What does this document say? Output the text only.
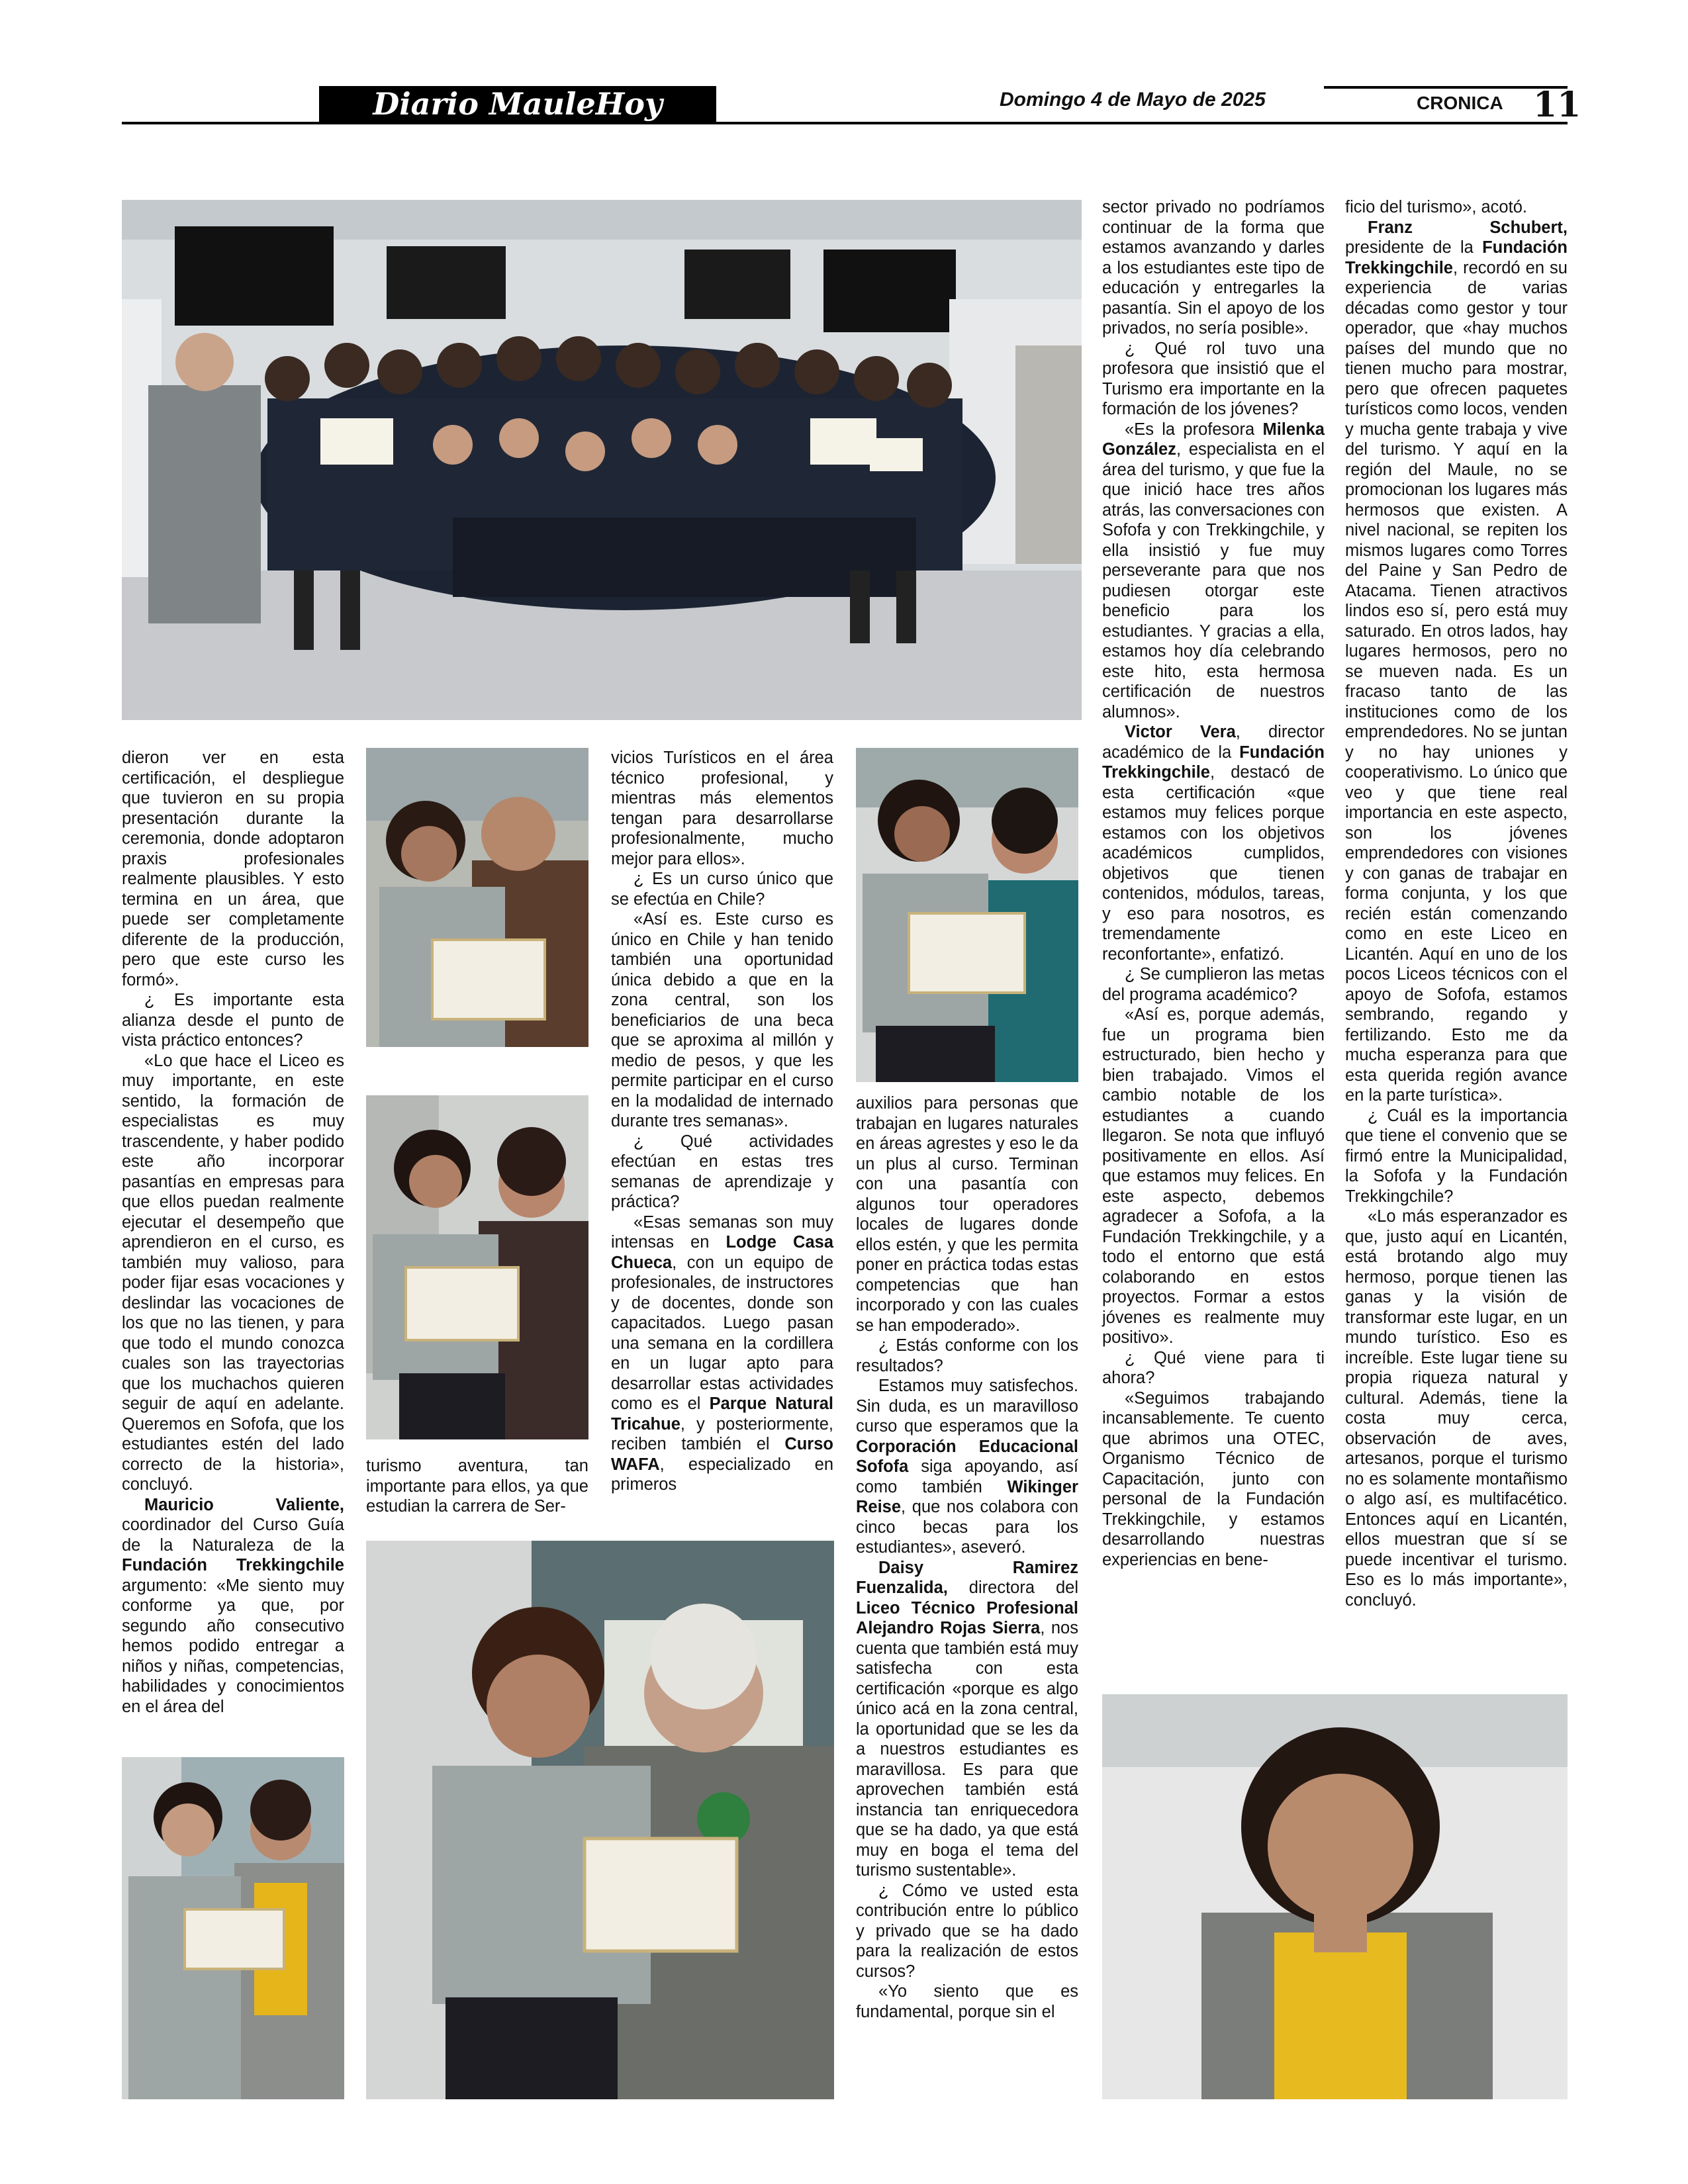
Diario MauleHoy	Domingo 4 de Mayo de 2025	CRONICA 11

dieron ver en esta certificación, el despliegue que tuvieron en su propia presentación durante la ceremonia, donde adoptaron praxis profesionales realmente plausibles. Y esto termina en un área, que puede ser completamente diferente de la producción, pero que este curso les formó».

¿ Es importante esta alianza desde el punto de vista práctico entonces?

«Lo que hace el Liceo es muy importante, en este sentido, la formación de especialistas es muy trascendente, y haber podido este año incorporar pasantías en empresas para que ellos puedan realmente ejecutar el desempeño que aprendieron en el curso, es también muy valioso, para poder fijar esas vocaciones y deslindar las vocaciones de los que no las tienen, y para que todo el mundo conozca cuales son las trayectorias que los muchachos quieren seguir de aquí en adelante. Queremos en Sofofa, que los estudiantes estén del lado correcto de la historia», concluyó.

Mauricio Valiente, coordinador del Curso Guía de la Naturaleza de la Fundación Trekkingchile argumento: «Me siento muy conforme ya que, por segundo año consecutivo hemos podido entregar a niños y niñas, competencias, habilidades y conocimientos en el área del

turismo aventura, tan importante para ellos, ya que estudian la carrera de Ser-

vicios Turísticos en el área técnico profesional, y mientras más elementos tengan para desarrollarse profesionalmente, mucho mejor para ellos».

¿ Es un curso único que se efectúa en Chile?

«Así es. Este curso es único en Chile y han tenido también una oportunidad única debido a que en la zona central, son los beneficiarios de una beca que se aproxima al millón y medio de pesos, y que les permite participar en el curso en la modalidad de internado durante tres semanas».

¿ Qué actividades efectúan en estas tres semanas de aprendizaje y práctica?

«Esas semanas son muy intensas en Lodge Casa Chueca, con un equipo de profesionales, de instructores y de docentes, donde son capacitados. Luego pasan una semana en la cordillera en un lugar apto para desarrollar estas actividades como es el Parque Natural Tricahue, y posteriormente, reciben también el Curso WAFA, especializado en primeros

auxilios para personas que trabajan en lugares naturales en áreas agrestes y eso le da un plus al curso. Terminan con una pasantía con algunos tour operadores locales de lugares donde ellos estén, y que les permita poner en práctica todas estas competencias que han incorporado y con las cuales se han empoderado».

¿ Estás conforme con los resultados?

Estamos muy satisfechos. Sin duda, es un maravilloso curso que esperamos que la Corporación Educacional Sofofa siga apoyando, así como también Wikinger Reise, que nos colabora con cinco becas para los estudiantes», aseveró.

Daisy Ramirez Fuenzalida, directora del Liceo Técnico Profesional Alejandro Rojas Sierra, nos cuenta que también está muy satisfecha con esta certificación «porque es algo único acá en la zona central, la oportunidad que se les da a nuestros estudiantes es maravillosa. Es para que aprovechen también está instancia tan enriquecedora que se ha dado, ya que está muy en boga el tema del turismo sustentable».

¿ Cómo ve usted esta contribución entre lo público y privado que se ha dado para la realización de estos cursos?

«Yo siento que es fundamental, porque sin el

sector privado no podríamos continuar de la forma que estamos avanzando y darles a los estudiantes este tipo de educación y entregarles la pasantía. Sin el apoyo de los privados, no sería posible».

¿ Qué rol tuvo una profesora que insistió que el Turismo era importante en la formación de los jóvenes?

«Es la profesora Milenka González, especialista en el área del turismo, y que fue la que inició hace tres años atrás, las conversaciones con Sofofa y con Trekkingchile, y ella insistió y fue muy perseverante para que nos pudiesen otorgar este beneficio para los estudiantes. Y gracias a ella, estamos hoy día celebrando este hito, esta hermosa certificación de nuestros alumnos».

Victor Vera, director académico de la Fundación Trekkingchile, destacó de esta certificación «que estamos muy felices porque estamos con los objetivos académicos cumplidos, objetivos que tienen contenidos, módulos, tareas, y eso para nosotros, es tremendamente reconfortante», enfatizó.

¿ Se cumplieron las metas del programa académico?

«Así es, porque además, fue un programa bien estructurado, bien hecho y bien trabajado. Vimos el cambio notable de los estudiantes a cuando llegaron. Se nota que influyó positivamente en ellos. Así que estamos muy felices. En este aspecto, debemos agradecer a Sofofa, a la Fundación Trekkingchile, y a todo el entorno que está colaborando en estos proyectos. Formar a estos jóvenes es realmente muy positivo».

¿ Qué viene para ti ahora?

«Seguimos trabajando incansablemente. Te cuento que abrimos una OTEC, Organismo Técnico de Capacitación, junto con personal de la Fundación Trekkingchile, y estamos desarrollando nuestras experiencias en bene-

ficio del turismo», acotó.

Franz Schubert, presidente de la Fundación Trekkingchile, recordó en su experiencia de varias décadas como gestor y tour operador, que «hay muchos países del mundo que no tienen mucho para mostrar, pero que ofrecen paquetes turísticos como locos, venden y mucha gente trabaja y vive del turismo. Y aquí en la región del Maule, no se promocionan los lugares más hermosos que existen. A nivel nacional, se repiten los mismos lugares como Torres del Paine y San Pedro de Atacama. Tienen atractivos lindos eso sí, pero está muy saturado. En otros lados, hay lugares hermosos, pero no se mueven nada. Es un fracaso tanto de las instituciones como de los emprendedores. No se juntan y no hay uniones y cooperativismo. Lo único que veo y que tiene real importancia en este aspecto, son los jóvenes emprendedores con visiones y con ganas de trabajar en forma conjunta, y los que recién están comenzando como en este Liceo en Licantén. Aquí en uno de los pocos Liceos técnicos con el apoyo de Sofofa, estamos sembrando, regando y fertilizando. Esto me da mucha esperanza para que esta querida región avance en la parte turística».

¿ Cuál es la importancia que tiene el convenio que se firmó entre la Municipalidad, la Sofofa y la Fundación Trekkingchile?

«Lo más esperanzador es que, justo aquí en Licantén, está brotando algo muy hermoso, porque tienen las ganas y la visión de transformar este lugar, en un mundo turístico. Eso es increíble. Este lugar tiene su propia riqueza natural y cultural. Además, tiene la costa muy cerca, observación de aves, artesanos, porque el turismo no es solamente montañismo o algo así, es multifacético. Entonces aquí en Licantén, ellos muestran que sí se puede incentivar el turismo. Eso es lo más importante», concluyó.
